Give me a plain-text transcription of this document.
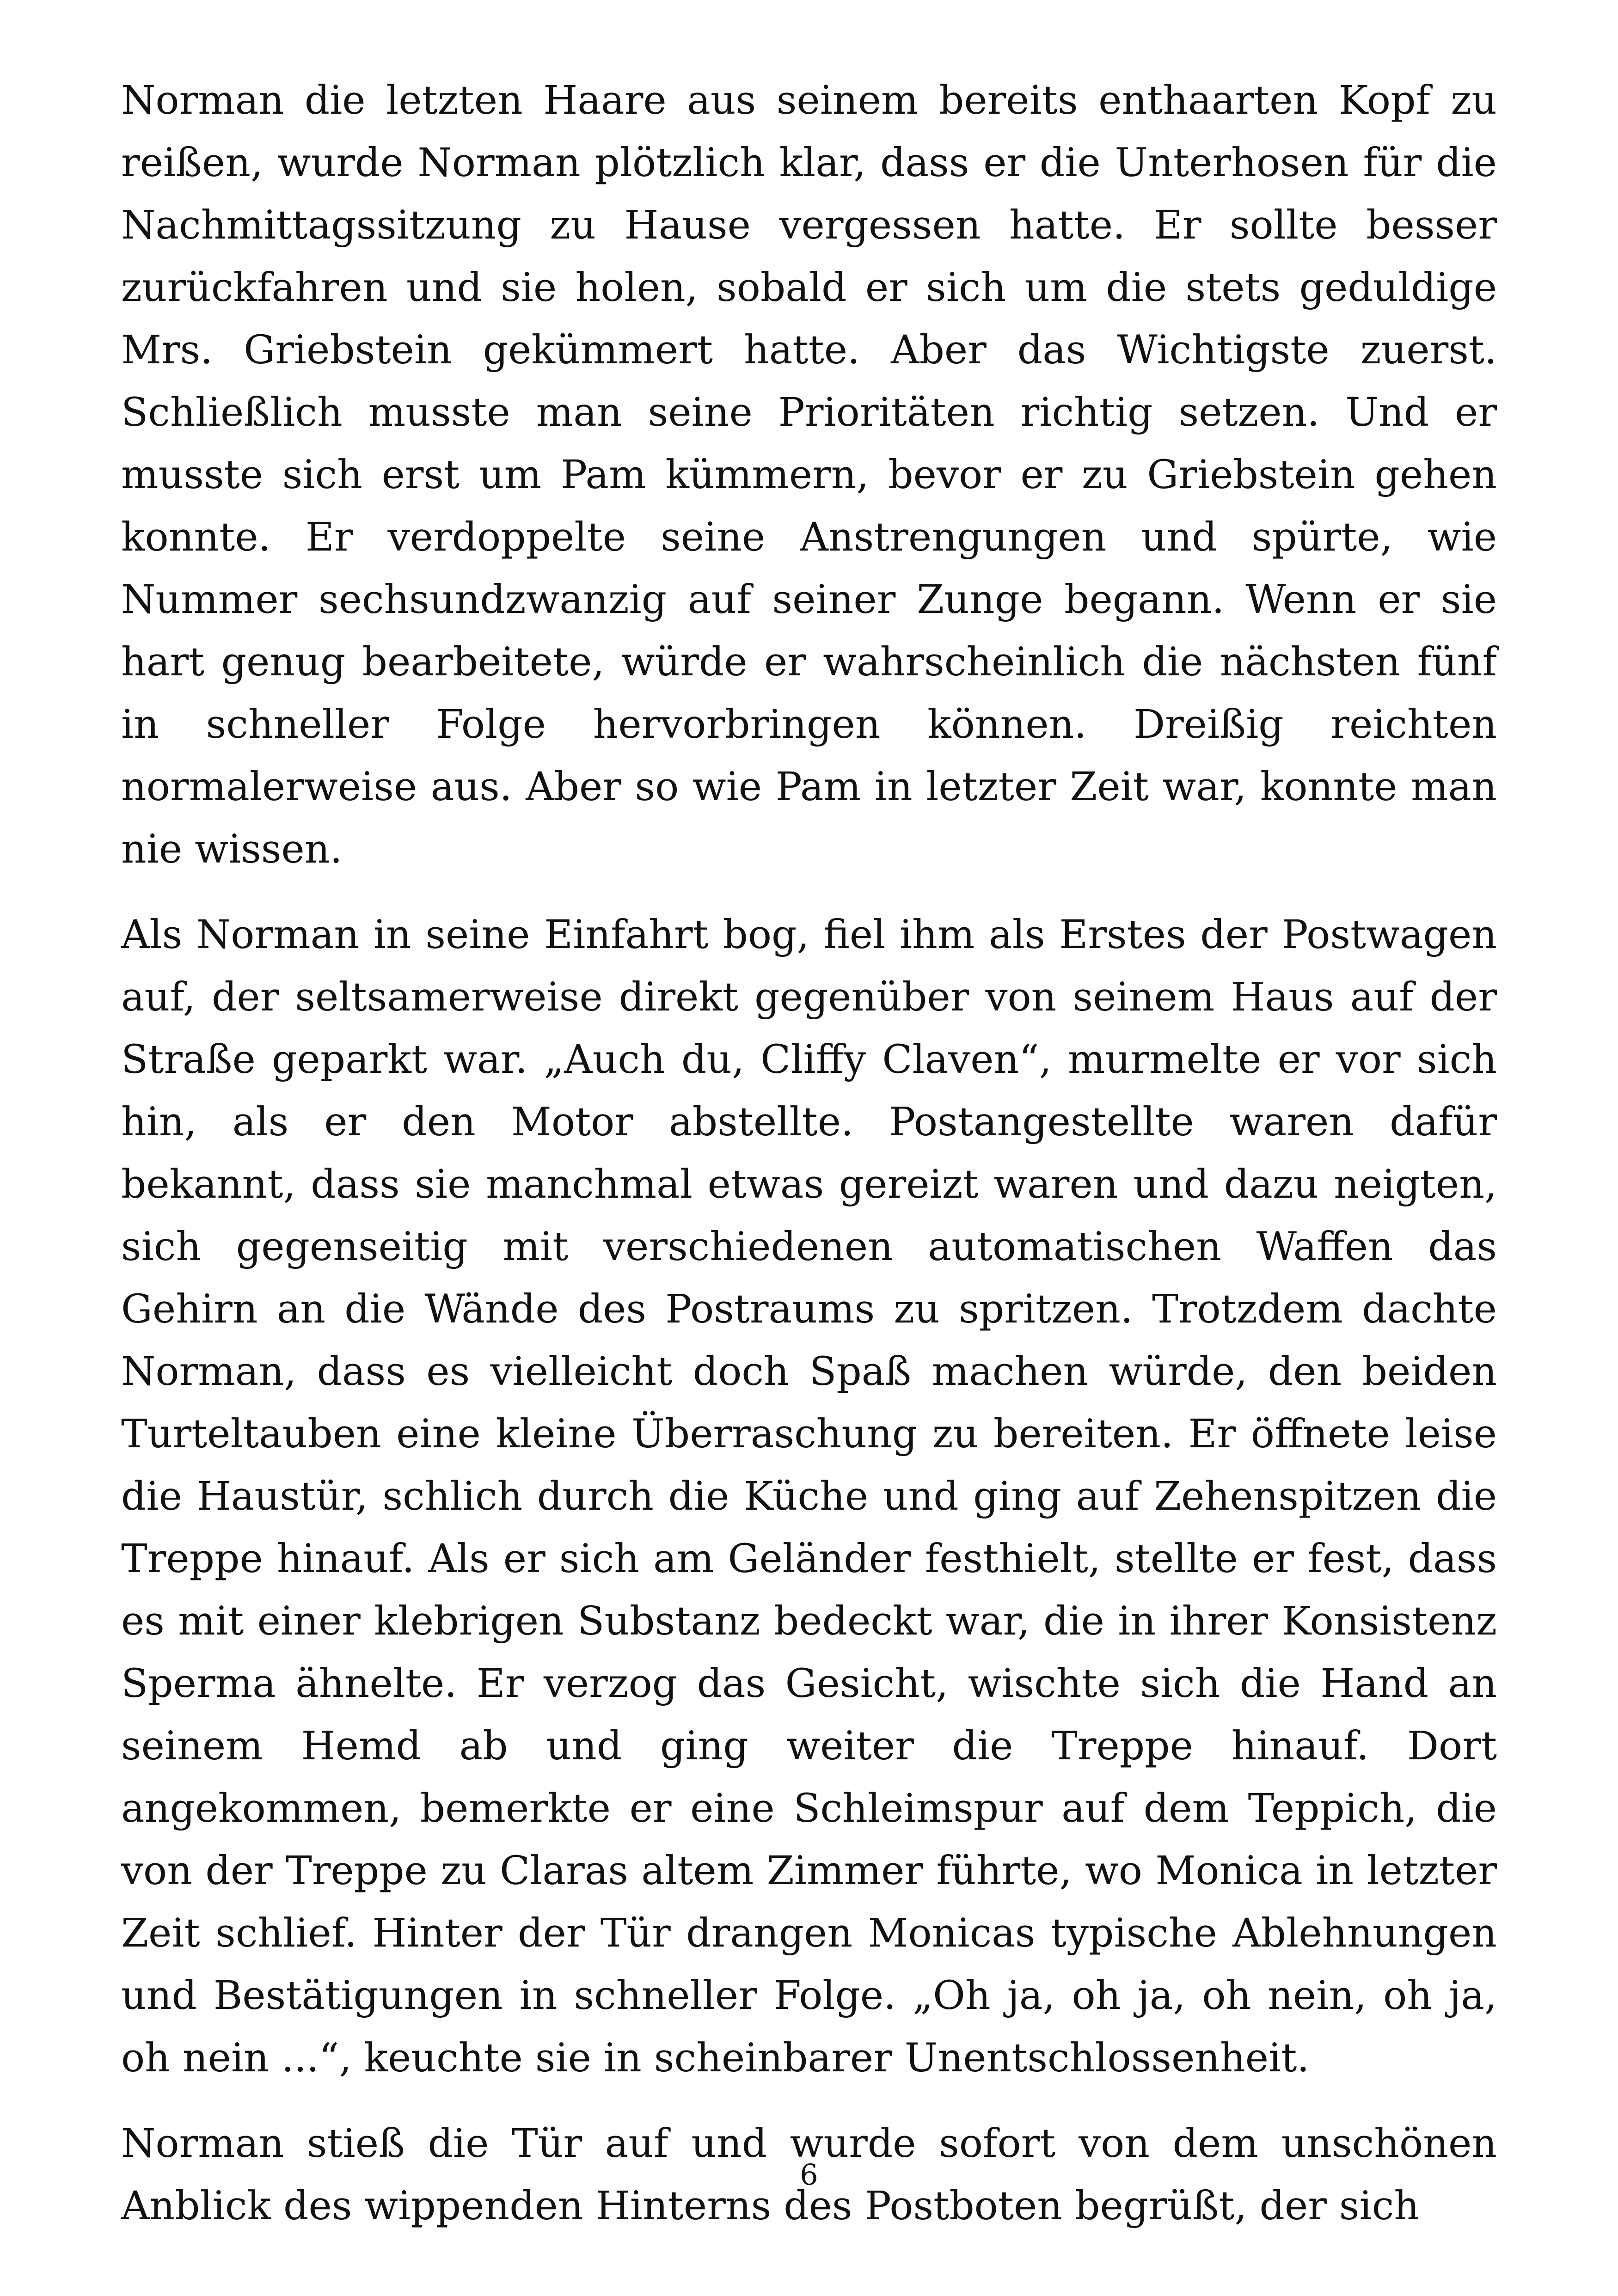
Norman die letzten Haare aus seinem bereits enthaarten Kopf zu reißen, wurde Norman plötzlich klar, dass er die Unterhosen für die Nachmittagssitzung zu Hause vergessen hatte. Er sollte besser zurückfahren und sie holen, sobald er sich um die stets geduldige Mrs. Griebstein gekümmert hatte. Aber das Wichtigste zuerst. Schließlich musste man seine Prioritäten richtig setzen. Und er musste sich erst um Pam kümmern, bevor er zu Griebstein gehen konnte. Er verdoppelte seine Anstrengungen und spürte, wie Nummer sechsundzwanzig auf seiner Zunge begann. Wenn er sie hart genug bearbeitete, würde er wahrscheinlich die nächsten fünf in schneller Folge hervorbringen können. Dreißig reichten normalerweise aus. Aber so wie Pam in letzter Zeit war, konnte man nie wissen.

Als Norman in seine Einfahrt bog, fiel ihm als Erstes der Postwagen auf, der seltsamerweise direkt gegenüber von seinem Haus auf der Straße geparkt war. „Auch du, Cliffy Claven“, murmelte er vor sich hin, als er den Motor abstellte. Postangestellte waren dafür bekannt, dass sie manchmal etwas gereizt waren und dazu neigten, sich gegenseitig mit verschiedenen automatischen Waffen das Gehirn an die Wände des Postraums zu spritzen. Trotzdem dachte Norman, dass es vielleicht doch Spaß machen würde, den beiden Turteltauben eine kleine Überraschung zu bereiten. Er öffnete leise die Haustür, schlich durch die Küche und ging auf Zehenspitzen die Treppe hinauf. Als er sich am Geländer festhielt, stellte er fest, dass es mit einer klebrigen Substanz bedeckt war, die in ihrer Konsistenz Sperma ähnelte. Er verzog das Gesicht, wischte sich die Hand an seinem Hemd ab und ging weiter die Treppe hinauf. Dort angekommen, bemerkte er eine Schleimspur auf dem Teppich, die von der Treppe zu Claras altem Zimmer führte, wo Monica in letzter Zeit schlief. Hinter der Tür drangen Monicas typische Ablehnungen und Bestätigungen in schneller Folge. „Oh ja, oh ja, oh nein, oh ja, oh nein ...“, keuchte sie in scheinbarer Unentschlossenheit.

Norman stieß die Tür auf und wurde sofort von dem unschönen Anblick des wippenden Hinterns des Postboten begrüßt, der sich

6
